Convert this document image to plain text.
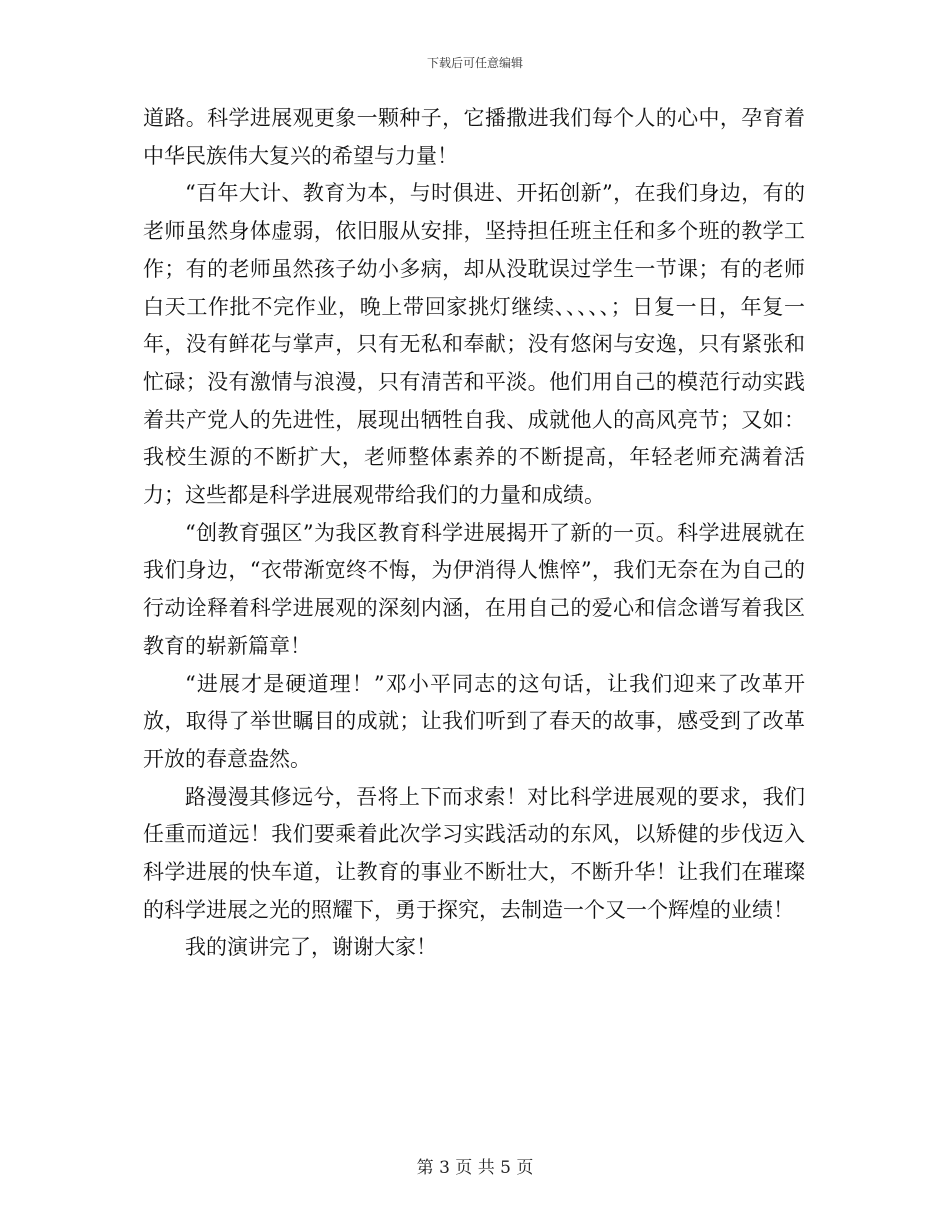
下载后可任意编辑

道路。科学进展观更象一颗种子，它播撒进我们每个人的心中，孕育着中华民族伟大复兴的希望与力量！

“百年大计、教育为本，与时俱进、开拓创新”，在我们身边，有的老师虽然身体虚弱，依旧服从安排，坚持担任班主任和多个班的教学工作；有的老师虽然孩子幼小多病，却从没耽误过学生一节课；有的老师白天工作批不完作业，晚上带回家挑灯继续、、、、、；日复一日，年复一年，没有鲜花与掌声，只有无私和奉献；没有悠闲与安逸，只有紧张和忙碌；没有激情与浪漫，只有清苦和平淡。他们用自己的模范行动实践着共产党人的先进性，展现出牺牲自我、成就他人的高风亮节；又如：我校生源的不断扩大，老师整体素养的不断提高，年轻老师充满着活力；这些都是科学进展观带给我们的力量和成绩。

“创教育强区”为我区教育科学进展揭开了新的一页。科学进展就在我们身边，“衣带渐宽终不悔，为伊消得人憔悴”，我们无奈在为自己的行动诠释着科学进展观的深刻内涵，在用自己的爱心和信念谱写着我区教育的崭新篇章！

“进展才是硬道理！”邓小平同志的这句话，让我们迎来了改革开放，取得了举世瞩目的成就；让我们听到了春天的故事，感受到了改革开放的春意盎然。

路漫漫其修远兮，吾将上下而求索！对比科学进展观的要求，我们任重而道远！我们要乘着此次学习实践活动的东风，以矫健的步伐迈入科学进展的快车道，让教育的事业不断壮大，不断升华！让我们在璀璨的科学进展之光的照耀下，勇于探究，去制造一个又一个辉煌的业绩！

我的演讲完了，谢谢大家！

第 3 页 共 5 页
